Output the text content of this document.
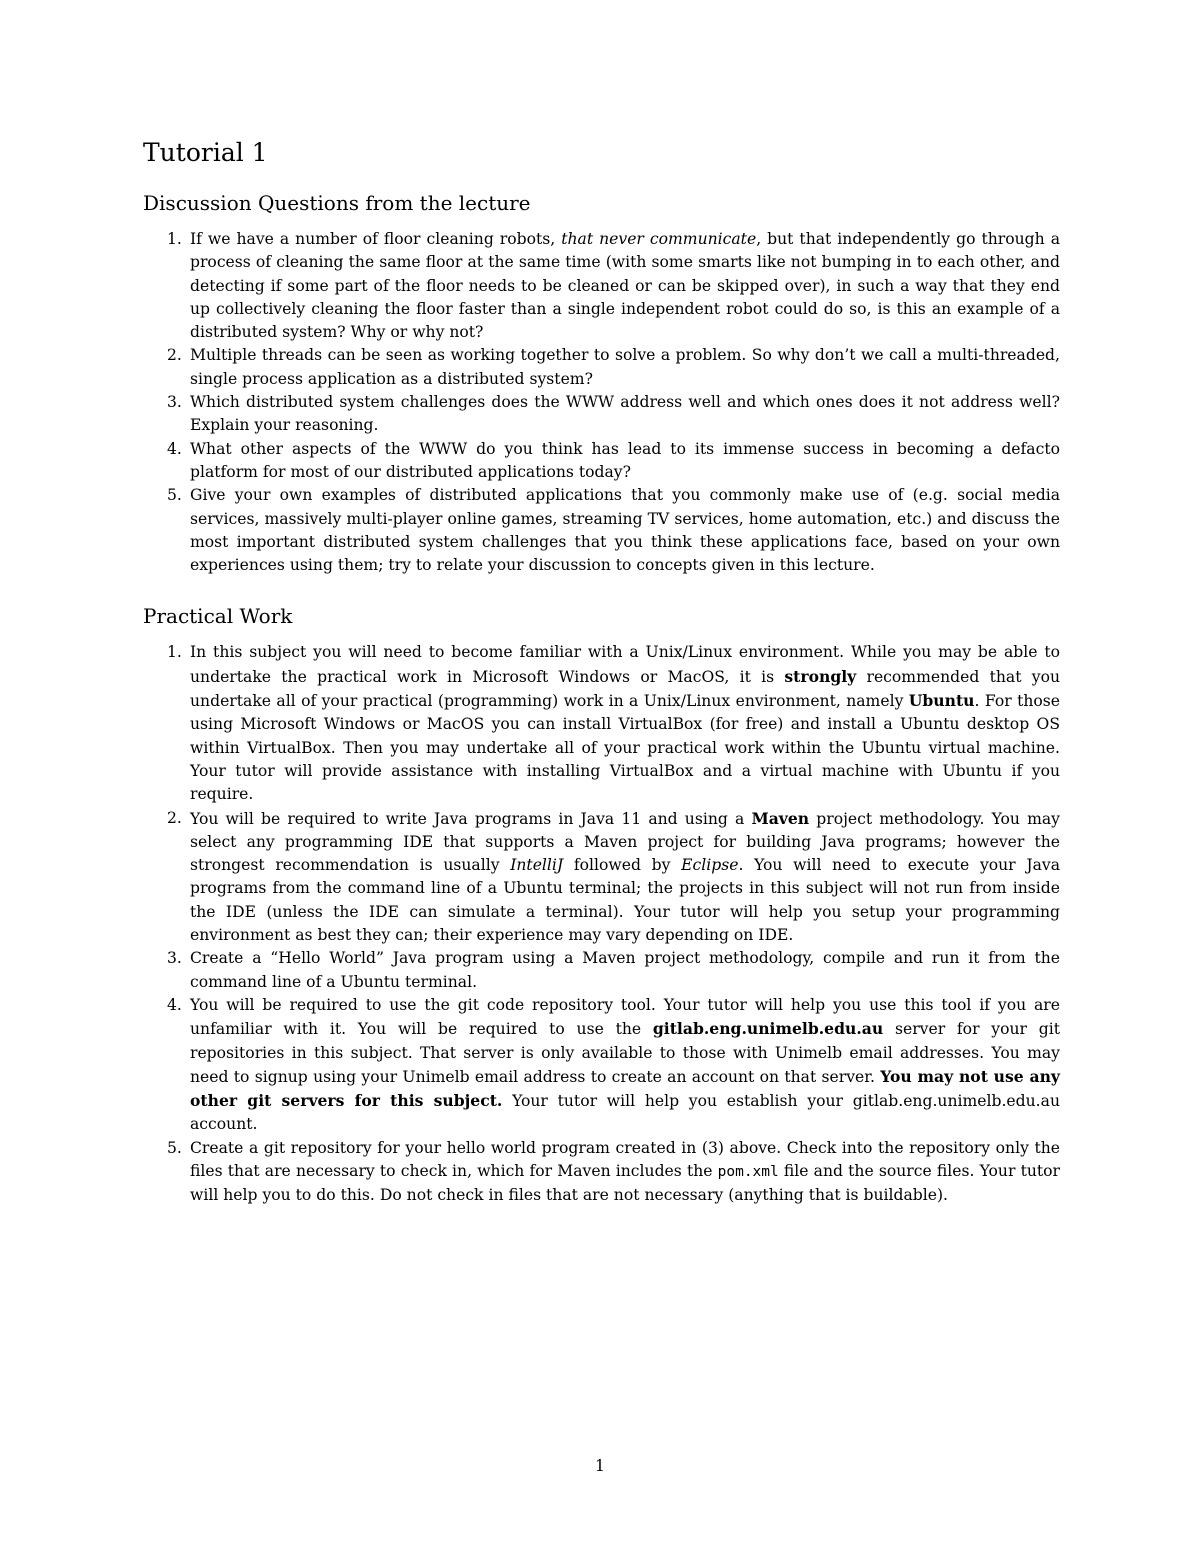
Tutorial 1
Discussion Questions from the lecture
1. If we have a number of floor cleaning robots, that never communicate, but that independently go through a process of cleaning the same floor at the same time (with some smarts like not bumping in to each other, and detecting if some part of the floor needs to be cleaned or can be skipped over), in such a way that they end up collectively cleaning the floor faster than a single independent robot could do so, is this an example of a distributed system? Why or why not?
2. Multiple threads can be seen as working together to solve a problem. So why don’t we call a multi-threaded, single process application as a distributed system?
3. Which distributed system challenges does the WWW address well and which ones does it not address well? Explain your reasoning.
4. What other aspects of the WWW do you think has lead to its immense success in becoming a defacto platform for most of our distributed applications today?
5. Give your own examples of distributed applications that you commonly make use of (e.g. social media services, massively multi-player online games, streaming TV services, home automation, etc.) and discuss the most important distributed system challenges that you think these applications face, based on your own experiences using them; try to relate your discussion to concepts given in this lecture.
Practical Work
1. In this subject you will need to become familiar with a Unix/Linux environment. While you may be able to undertake the practical work in Microsoft Windows or MacOS, it is strongly recommended that you undertake all of your practical (programming) work in a Unix/Linux environment, namely Ubuntu. For those using Microsoft Windows or MacOS you can install VirtualBox (for free) and install a Ubuntu desktop OS within VirtualBox. Then you may undertake all of your practical work within the Ubuntu virtual machine. Your tutor will provide assistance with installing VirtualBox and a virtual machine with Ubuntu if you require.
2. You will be required to write Java programs in Java 11 and using a Maven project methodology. You may select any programming IDE that supports a Maven project for building Java programs; however the strongest recommendation is usually IntelliJ followed by Eclipse. You will need to execute your Java programs from the command line of a Ubuntu terminal; the projects in this subject will not run from inside the IDE (unless the IDE can simulate a terminal). Your tutor will help you setup your programming environment as best they can; their experience may vary depending on IDE.
3. Create a “Hello World” Java program using a Maven project methodology, compile and run it from the command line of a Ubuntu terminal.
4. You will be required to use the git code repository tool. Your tutor will help you use this tool if you are unfamiliar with it. You will be required to use the gitlab.eng.unimelb.edu.au server for your git repositories in this subject. That server is only available to those with Unimelb email addresses. You may need to signup using your Unimelb email address to create an account on that server. You may not use any other git servers for this subject. Your tutor will help you establish your gitlab.eng.unimelb.edu.au account.
5. Create a git repository for your hello world program created in (3) above. Check into the repository only the files that are necessary to check in, which for Maven includes the pom.xml file and the source files. Your tutor will help you to do this. Do not check in files that are not necessary (anything that is buildable).
1
